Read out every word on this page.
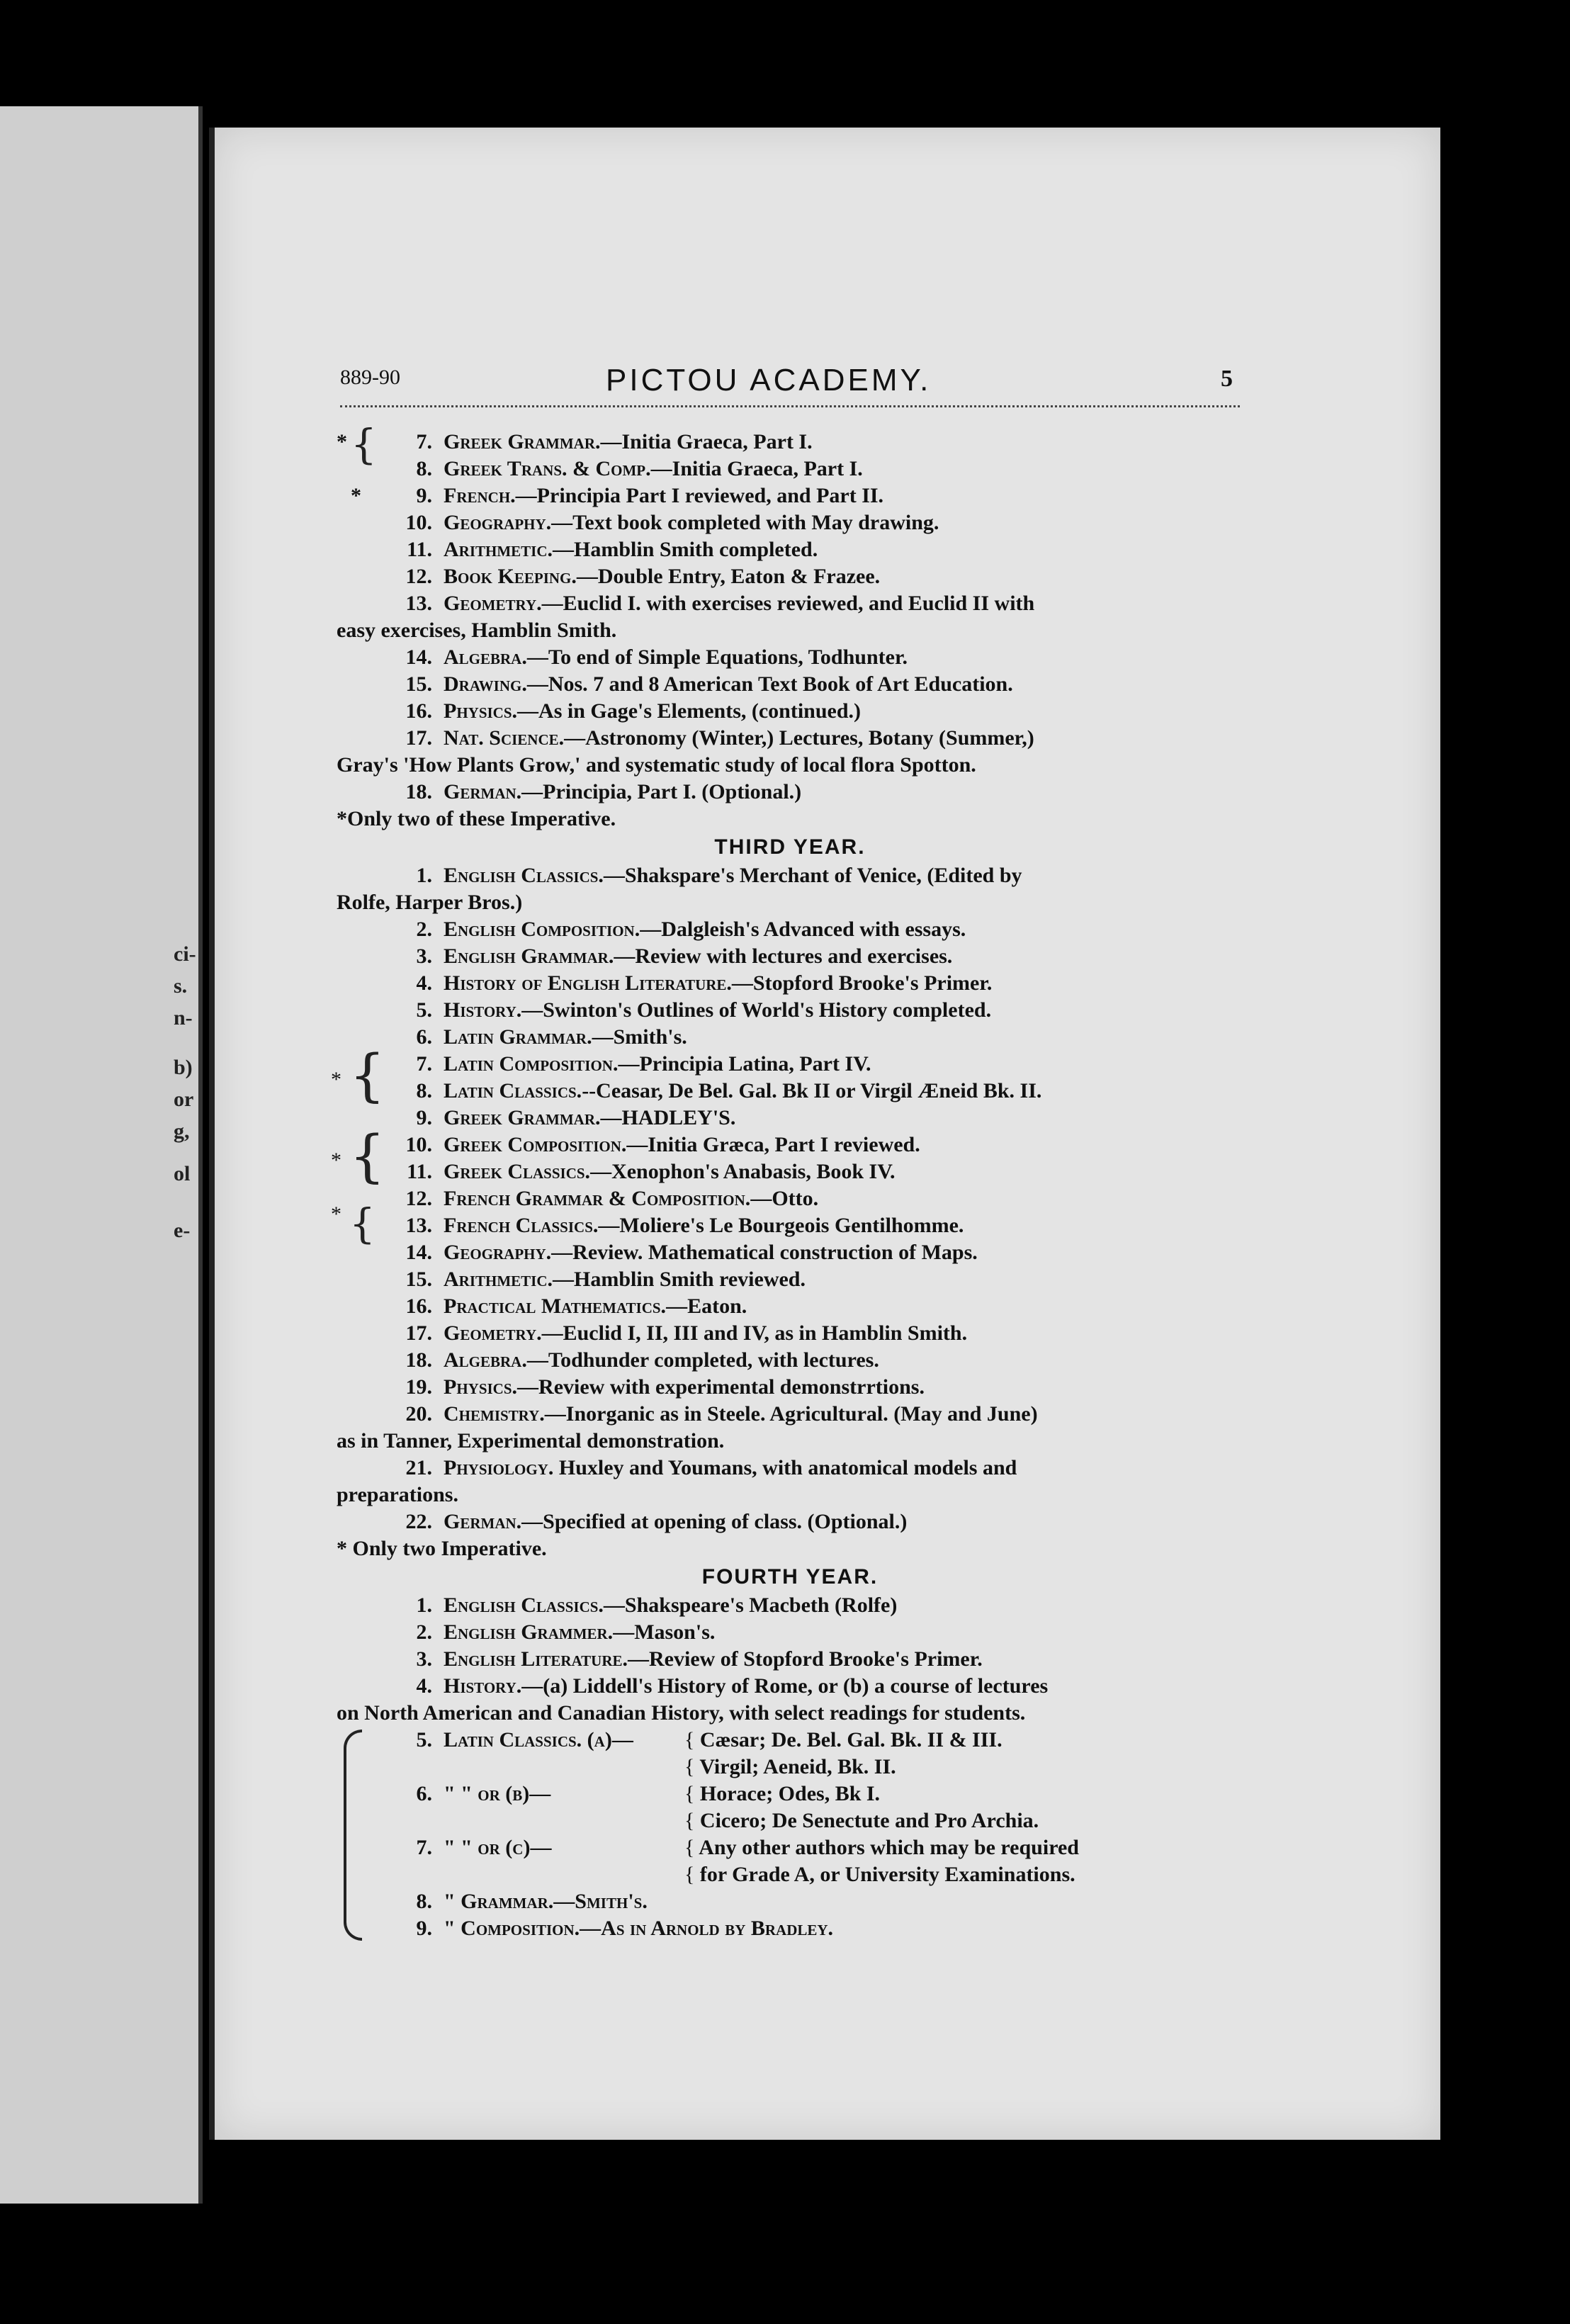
ci-
s.
n-
b)
or
g,
ol
e-
889-90	PICTOU ACADEMY.	5
{
*	7. Greek Grammar.—Initia Graeca, Part I.
8. Greek Trans. & Comp.—Initia Graeca, Part I.
*	9. French.—Principia Part I reviewed, and Part II.
10. Geography.—Text book completed with May drawing.
11. Arithmetic.—Hamblin Smith completed.
12. Book Keeping.—Double Entry, Eaton & Frazee.
13. Geometry.—Euclid I. with exercises reviewed, and Euclid II with
easy exercises, Hamblin Smith.
14. Algebra.—To end of Simple Equations, Todhunter.
15. Drawing.—Nos. 7 and 8 American Text Book of Art Education.
16. Physics.—As in Gage's Elements, (continued.)
17. Nat. Science.—Astronomy (Winter,) Lectures, Botany (Summer,)
Gray's 'How Plants Grow,' and systematic study of local flora Spotton.
18. German.—Principia, Part I. (Optional.)
*Only two of these Imperative.
THIRD YEAR.
{
{
{
*
*
*
1. English Classics.—Shakspare's Merchant of Venice, (Edited by
Rolfe, Harper Bros.)
2. English Composition.—Dalgleish's Advanced with essays.
3. English Grammar.—Review with lectures and exercises.
4. History of English Literature.—Stopford Brooke's Primer.
5. History.—Swinton's Outlines of World's History completed.
6. Latin Grammar.—Smith's.
7. Latin Composition.—Principia Latina, Part IV.
8. Latin Classics.--Ceasar, De Bel. Gal. Bk II or Virgil Æneid Bk. II.
9. Greek Grammar.—HADLEY'S.
10. Greek Composition.—Initia Græca, Part I reviewed.
11. Greek Classics.—Xenophon's Anabasis, Book IV.
12. French Grammar & Composition.—Otto.
13. French Classics.—Moliere's Le Bourgeois Gentilhomme.
14. Geography.—Review. Mathematical construction of Maps.
15. Arithmetic.—Hamblin Smith reviewed.
16. Practical Mathematics.—Eaton.
17. Geometry.—Euclid I, II, III and IV, as in Hamblin Smith.
18. Algebra.—Todhunder completed, with lectures.
19. Physics.—Review with experimental demonstrrtions.
20. Chemistry.—Inorganic as in Steele. Agricultural. (May and June)
as in Tanner, Experimental demonstration.
21. Physiology. Huxley and Youmans, with anatomical models and
preparations.
22. German.—Specified at opening of class. (Optional.)
* Only two Imperative.
FOURTH YEAR.
1. English Classics.—Shakspeare's Macbeth (Rolfe)
2. English Grammer.—Mason's.
3. English Literature.—Review of Stopford Brooke's Primer.
4. History.—(a) Liddell's History of Rome, or (b) a course of lectures
on North American and Canadian History, with select readings for students.
5. Latin Classics. (a)— { Cæsar; De. Bel. Gal. Bk. II & III.
{ Virgil; Aeneid, Bk. II.
6. " " or (b)—	{ Horace; Odes, Bk I.
{ Cicero; De Senectute and Pro Archia.
7. " " or (c)—	{ Any other authors which may be required
{ for Grade A, or University Examinations.
8. " Grammar.—Smith's.
9. " Composition.—As in Arnold by Bradley.
